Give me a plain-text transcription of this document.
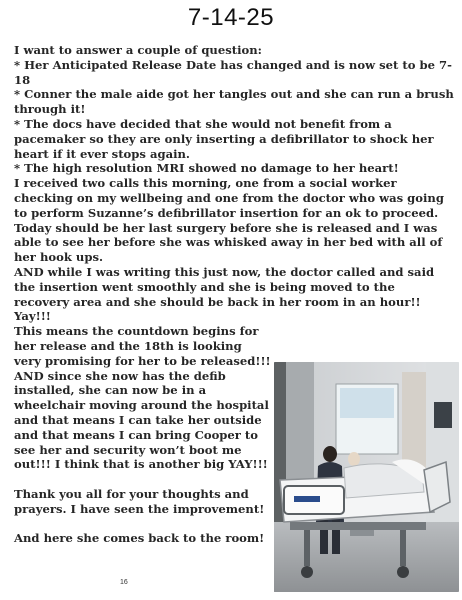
7-14-25

I want to answer a couple of question:

* Her Anticipated Release Date has changed and is now set to be 7-18

* Conner the male aide got her tangles out and she can run a brush through it!

* The docs have decided that she would not benefit from a pacemaker so they are only inserting a defibrillator to shock her heart if it ever stops again.

* The high resolution MRI showed no damage to her heart!

I received two calls this morning, one from a social worker checking on my wellbeing and one from the doctor who was going to perform Suzanne’s defibrillator insertion for an ok to proceed. Today should be her last surgery before she is released and I was able to see her before she was whisked away in her bed with all of her hook ups.

AND while I was writing this just now, the doctor called and said the insertion went smoothly and she is being moved to the recovery area and she should be back in her room in an hour!! Yay!!!

This means the countdown begins for her release and the 18th is looking very promising for her to be released!!! AND since she now has the defib installed, she can now be in a wheelchair moving around the hospital and that means I can take her outside and that means I can bring Cooper to see her and security won’t boot me out!!! I think that is another big YAY!!!

Thank you all for your thoughts and prayers. I have seen the improvement!

And here she comes back to the room!

16
